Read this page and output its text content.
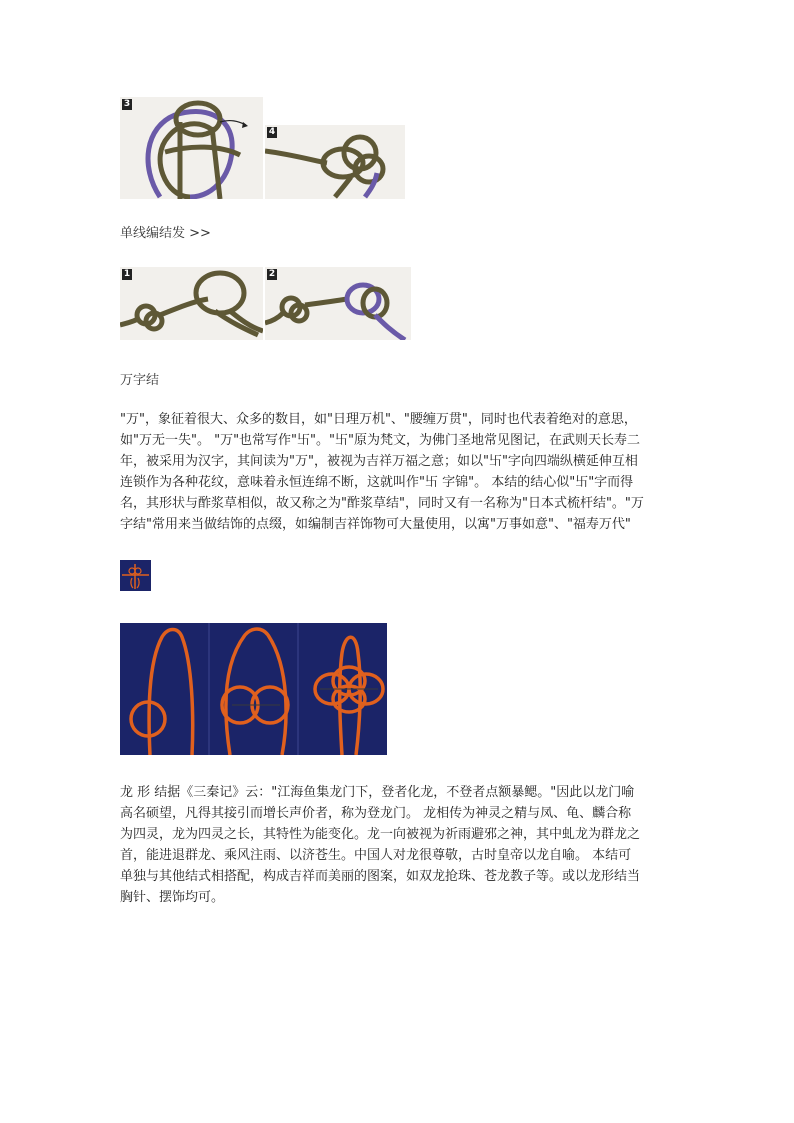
3
4
单线编结发 >>
1	2
万字结
"万"，象征着很大、众多的数目，如"日理万机"、"腰缠万贯"，同时也代表着绝对的意思，
如"万无一失"。 "万"也常写作"卐"。"卐"原为梵文，为佛门圣地常见图记，在武则天长寿二
年，被采用为汉字，其间读为"万"，被视为吉祥万福之意；如以"卐"字向四端纵横延伸互相
连锁作为各种花纹，意味着永恒连绵不断，这就叫作"卐 字锦"。 本结的结心似"卐"字而得
名，其形状与酢浆草相似，故又称之为"酢浆草结"，同时又有一名称为"日本式梳杆结"。"万
字结"常用来当做结饰的点缀，如编制吉祥饰物可大量使用，以寓"万事如意"、"福寿万代"
龙 形 结据《三秦记》云："江海鱼集龙门下，登者化龙，不登者点额暴鳃。"因此以龙门喻
高名硕望，凡得其接引而增长声价者，称为登龙门。 龙相传为神灵之精与凤、龟、麟合称
为四灵，龙为四灵之长，其特性为能变化。龙一向被视为祈雨避邪之神，其中虬龙为群龙之
首，能进退群龙、乘风注雨、以济苍生。中国人对龙很尊敬，古时皇帝以龙自喻。 本结可
单独与其他结式相搭配，构成吉祥而美丽的图案，如双龙抢珠、苍龙教子等。或以龙形结当
胸针、摆饰均可。
